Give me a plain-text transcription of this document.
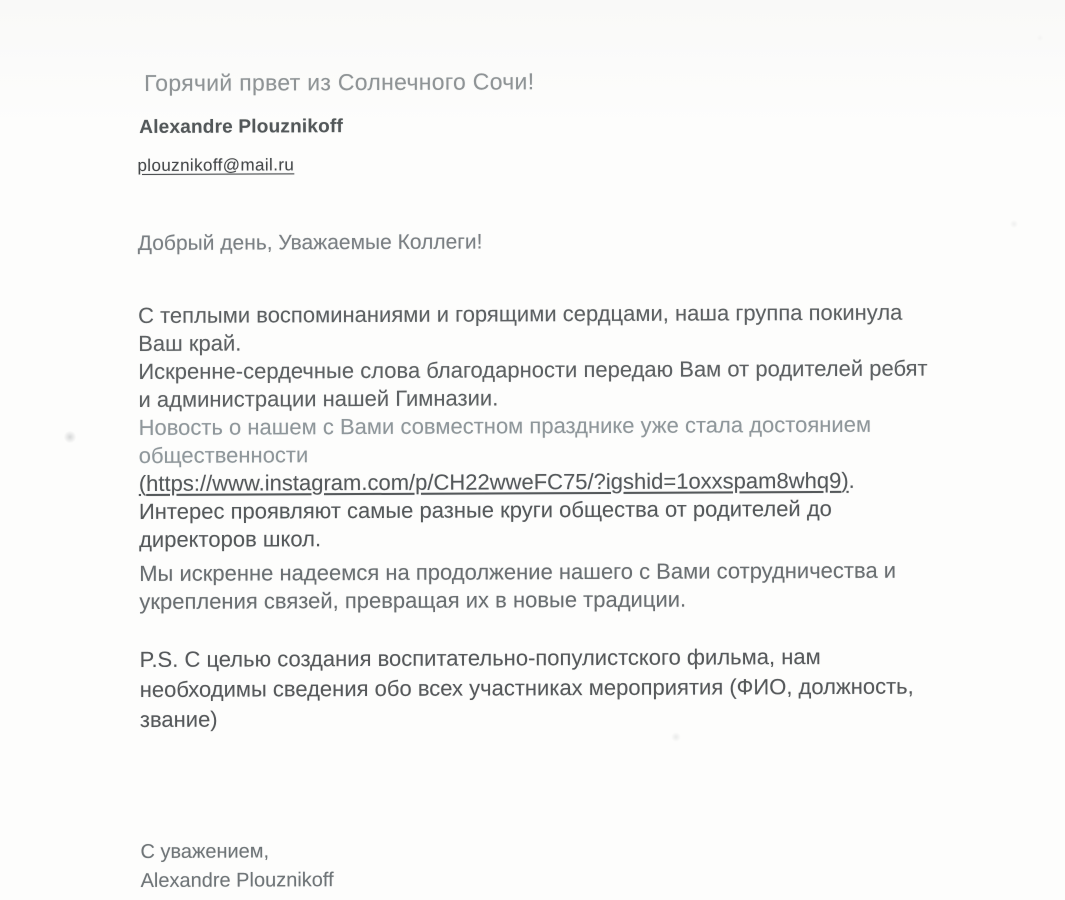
Горячий првет из Солнечного Сочи!
Alexandre Plouznikoff
plouznikoff@mail.ru
Добрый день, Уважаемые Коллеги!
С теплыми воспоминаниями и горящими сердцами, наша группа покинула
Ваш край.
Искренне-сердечные слова благодарности передаю Вам от родителей ребят
и администрации нашей Гимназии.
Новость о нашем с Вами совместном празднике уже стала достоянием
общественности
(https://www.instagram.com/p/CH22wweFC75/?igshid=1oxxspam8whq9).
Интерес проявляют самые разные круги общества от родителей до
директоров школ.
Мы искренне надеемся на продолжение нашего с Вами сотрудничества и
укрепления связей, превращая их в новые традиции.
P.S. С целью создания воспитательно-популистского фильма, нам
необходимы сведения обо всех участниках мероприятия (ФИО, должность,
звание)
С уважением,
Alexandre Plouznikoff
